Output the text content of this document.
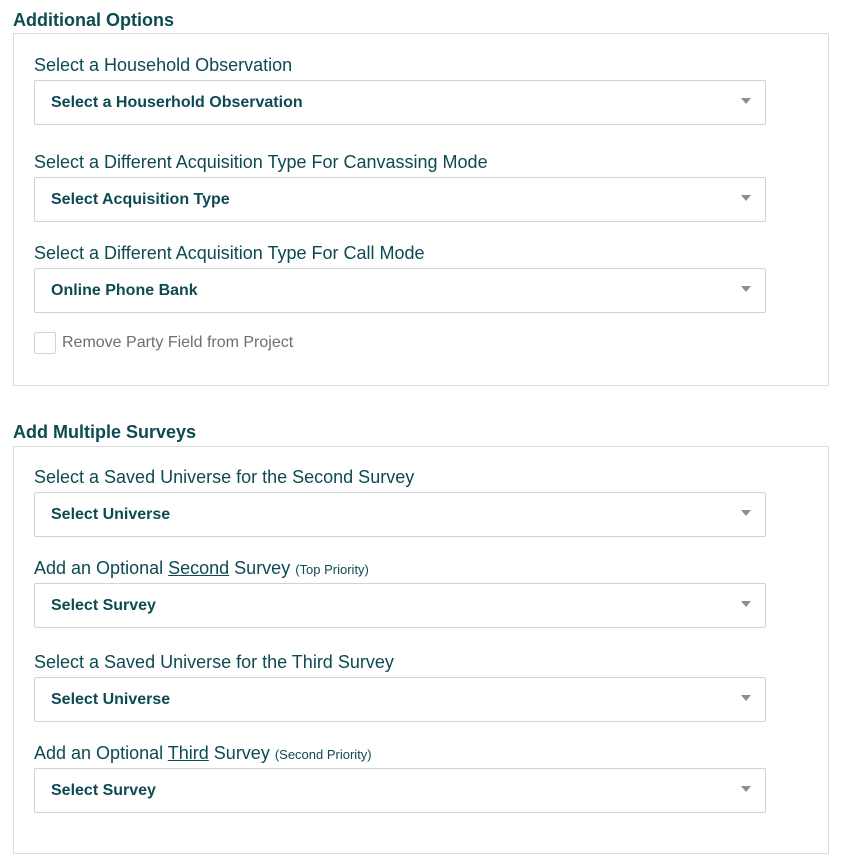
Additional Options
Select a Household Observation
Select a Houserhold Observation
Select a Different Acquisition Type For Canvassing Mode
Select Acquisition Type
Select a Different Acquisition Type For Call Mode
Online Phone Bank
Remove Party Field from Project
Add Multiple Surveys
Select a Saved Universe for the Second Survey
Select Universe
Add an Optional Second Survey (Top Priority)
Select Survey
Select a Saved Universe for the Third Survey
Select Universe
Add an Optional Third Survey (Second Priority)
Select Survey
